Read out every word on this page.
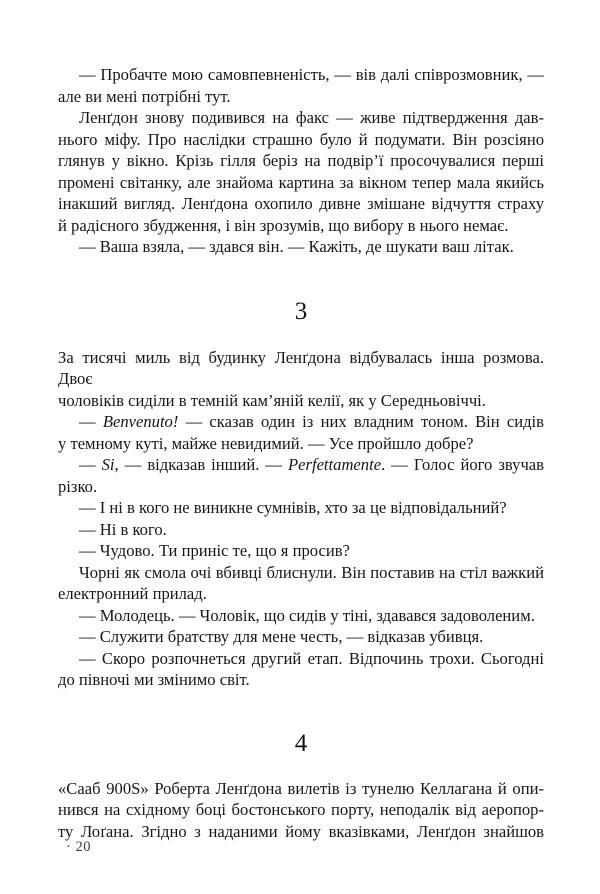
— Пробачте мою самовпевненість, — вів далі співрозмовник, —
але ви мені потрібні тут.

Ленґдон знову подивився на факс — живе підтвердження дав-
нього міфу. Про наслідки страшно було й подумати. Він розсіяно
глянув у вікно. Крізь гілля беріз на подвір’ї просочувалися перші
промені світанку, але знайома картина за вікном тепер мала якийсь
інакший вигляд. Ленґдона охопило дивне змішане відчуття страху
й радісного збудження, і він зрозумів, що вибору в нього немає.

— Ваша взяла, — здався він. — Кажіть, де шукати ваш літак.

3

За тисячі миль від будинку Ленґдона відбувалась інша розмова. Двоє
чоловіків сиділи в темній кам’яній келії, як у Середньовіччі.

— Benvenuto! — сказав один із них владним тоном. Він сидів
у темному куті, майже невидимий. — Усе пройшло добре?

— Si, — відказав інший. — Perfettamente. — Голос його звучав
різко.

— І ні в кого не виникне сумнівів, хто за це відповідальний?

— Ні в кого.

— Чудово. Ти приніс те, що я просив?

Чорні як смола очі вбивці блиснули. Він поставив на стіл важкий
електронний прилад.

— Молодець. — Чоловік, що сидів у тіні, здавався задоволеним.

— Служити братству для мене честь, — відказав убивця.

— Скоро розпочнеться другий етап. Відпочинь трохи. Сьогодні
до півночі ми змінимо світ.

4

«Сааб 900S» Роберта Ленґдона вилетів із тунелю Келлагана й опи-
нився на східному боці бостонського порту, неподалік від аеропор-
ту Лоґана. Згідно з наданими йому вказівками, Ленґдон знайшов

· 20
